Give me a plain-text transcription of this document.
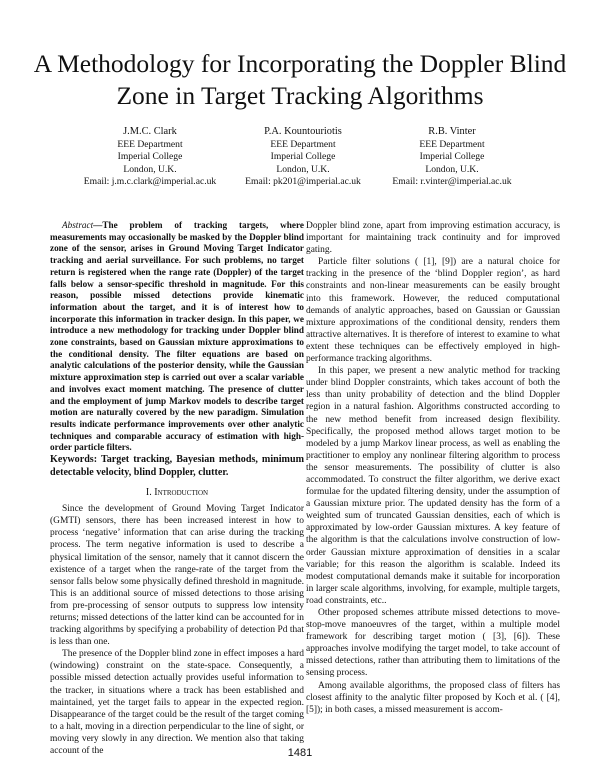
A Methodology for Incorporating the Doppler Blind Zone in Target Tracking Algorithms
J.M.C. Clark
EEE Department
Imperial College
London, U.K.
Email: j.m.c.clark@imperial.ac.uk
P.A. Kountouriotis
EEE Department
Imperial College
London, U.K.
Email: pk201@imperial.ac.uk
R.B. Vinter
EEE Department
Imperial College
London, U.K.
Email: r.vinter@imperial.ac.uk

Abstract—The problem of tracking targets, where measurements may occasionally be masked by the Doppler blind zone of the sensor, arises in Ground Moving Target Indicator tracking and aerial surveillance. For such problems, no target return is registered when the range rate (Doppler) of the target falls below a sensor-specific threshold in magnitude. For this reason, possible missed detections provide kinematic information about the target, and it is of interest how to incorporate this information in tracker design. In this paper, we introduce a new methodology for tracking under Doppler blind zone constraints, based on Gaussian mixture approximations to the conditional density. The filter equations are based on analytic calculations of the posterior density, while the Gaussian mixture approximation step is carried out over a scalar variable and involves exact moment matching. The presence of clutter and the employment of jump Markov models to describe target motion are naturally covered by the new paradigm. Simulation results indicate performance improvements over other analytic techniques and comparable accuracy of estimation with high-order particle filters.

Keywords: Target tracking, Bayesian methods, minimum detectable velocity, blind Doppler, clutter.

I. Introduction

Since the development of Ground Moving Target Indicator (GMTI) sensors, there has been increased interest in how to process ‘negative’ information that can arise during the tracking process. The term negative information is used to describe a physical limitation of the sensor, namely that it cannot discern the existence of a target when the range-rate of the target from the sensor falls below some physically defined threshold in magnitude. This is an additional source of missed detections to those arising from pre-processing of sensor outputs to suppress low intensity returns; missed detections of the latter kind can be accounted for in tracking algorithms by specifying a probability of detection Pd that is less than one.

The presence of the Doppler blind zone in effect imposes a hard (windowing) constraint on the state-space. Consequently, a possible missed detection actually provides useful information to the tracker, in situations where a track has been established and maintained, yet the target fails to appear in the expected region. Disappearance of the target could be the result of the target coming to a halt, moving in a direction perpendicular to the line of sight, or moving very slowly in any direction. We mention also that taking account of the

Doppler blind zone, apart from improving estimation accuracy, is important for maintaining track continuity and for improved gating.

Particle filter solutions ( [1], [9]) are a natural choice for tracking in the presence of the ‘blind Doppler region’, as hard constraints and non-linear measurements can be easily brought into this framework. However, the reduced computational demands of analytic approaches, based on Gaussian or Gaussian mixture approximations of the conditional density, renders them attractive alternatives. It is therefore of interest to examine to what extent these techniques can be effectively employed in high-performance tracking algorithms.

In this paper, we present a new analytic method for tracking under blind Doppler constraints, which takes account of both the less than unity probability of detection and the blind Doppler region in a natural fashion. Algorithms constructed according to the new method benefit from increased design flexibility. Specifically, the proposed method allows target motion to be modeled by a jump Markov linear process, as well as enabling the practitioner to employ any nonlinear filtering algorithm to process the sensor measurements. The possibility of clutter is also accommodated. To construct the filter algorithm, we derive exact formulae for the updated filtering density, under the assumption of a Gaussian mixture prior. The updated density has the form of a weighted sum of truncated Gaussian densities, each of which is approximated by low-order Gaussian mixtures. A key feature of the algorithm is that the calculations involve construction of low-order Gaussian mixture approximation of densities in a scalar variable; for this reason the algorithm is scalable. Indeed its modest computational demands make it suitable for incorporation in larger scale algorithms, involving, for example, multiple targets, road constraints, etc..

Other proposed schemes attribute missed detections to move-stop-move manoeuvres of the target, within a multiple model framework for describing target motion ( [3], [6]). These approaches involve modifying the target model, to take account of missed detections, rather than attributing them to limitations of the sensing process.

Among available algorithms, the proposed class of filters has closest affinity to the analytic filter proposed by Koch et al. ( [4], [5]); in both cases, a missed measurement is accom-

1481
